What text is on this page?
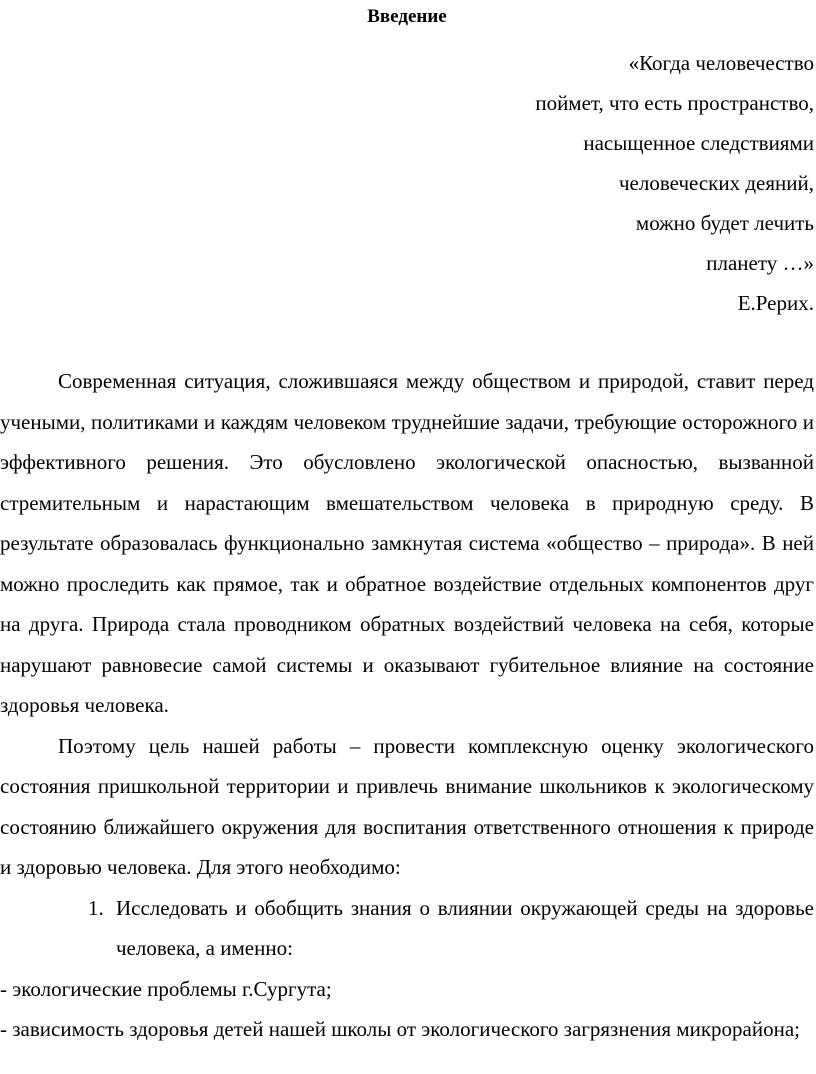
Введение
«Когда человечество
поймет, что есть пространство,
насыщенное следствиями
человеческих деяний,
можно будет лечить
планету …»
Е.Рерих.

Современная ситуация, сложившаяся между обществом и природой, ставит перед учеными, политиками и каждям человеком труднейшие задачи, требующие осторожного и эффективного решения. Это обусловлено экологической опасностью, вызванной стремительным и нарастающим вмешательством человека в природную среду. В результате образовалась функционально замкнутая система «общество – природа». В ней можно проследить как прямое, так и обратное воздействие отдельных компонентов друг на друга. Природа стала проводником обратных воздействий человека на себя, которые нарушают равновесие самой системы и оказывают губительное влияние на состояние здоровья человека.

Поэтому цель нашей работы – провести комплексную оценку экологического состояния пришкольной территории и привлечь внимание школьников к экологическому состоянию ближайшего окружения для воспитания ответственного отношения к природе и здоровью человека. Для этого необходимо:

1. Исследовать и обобщить знания о влиянии окружающей среды на здоровье человека, а именно:

- экологические проблемы г.Сургута;

- зависимость здоровья детей нашей школы от экологического загрязнения микрорайона;
